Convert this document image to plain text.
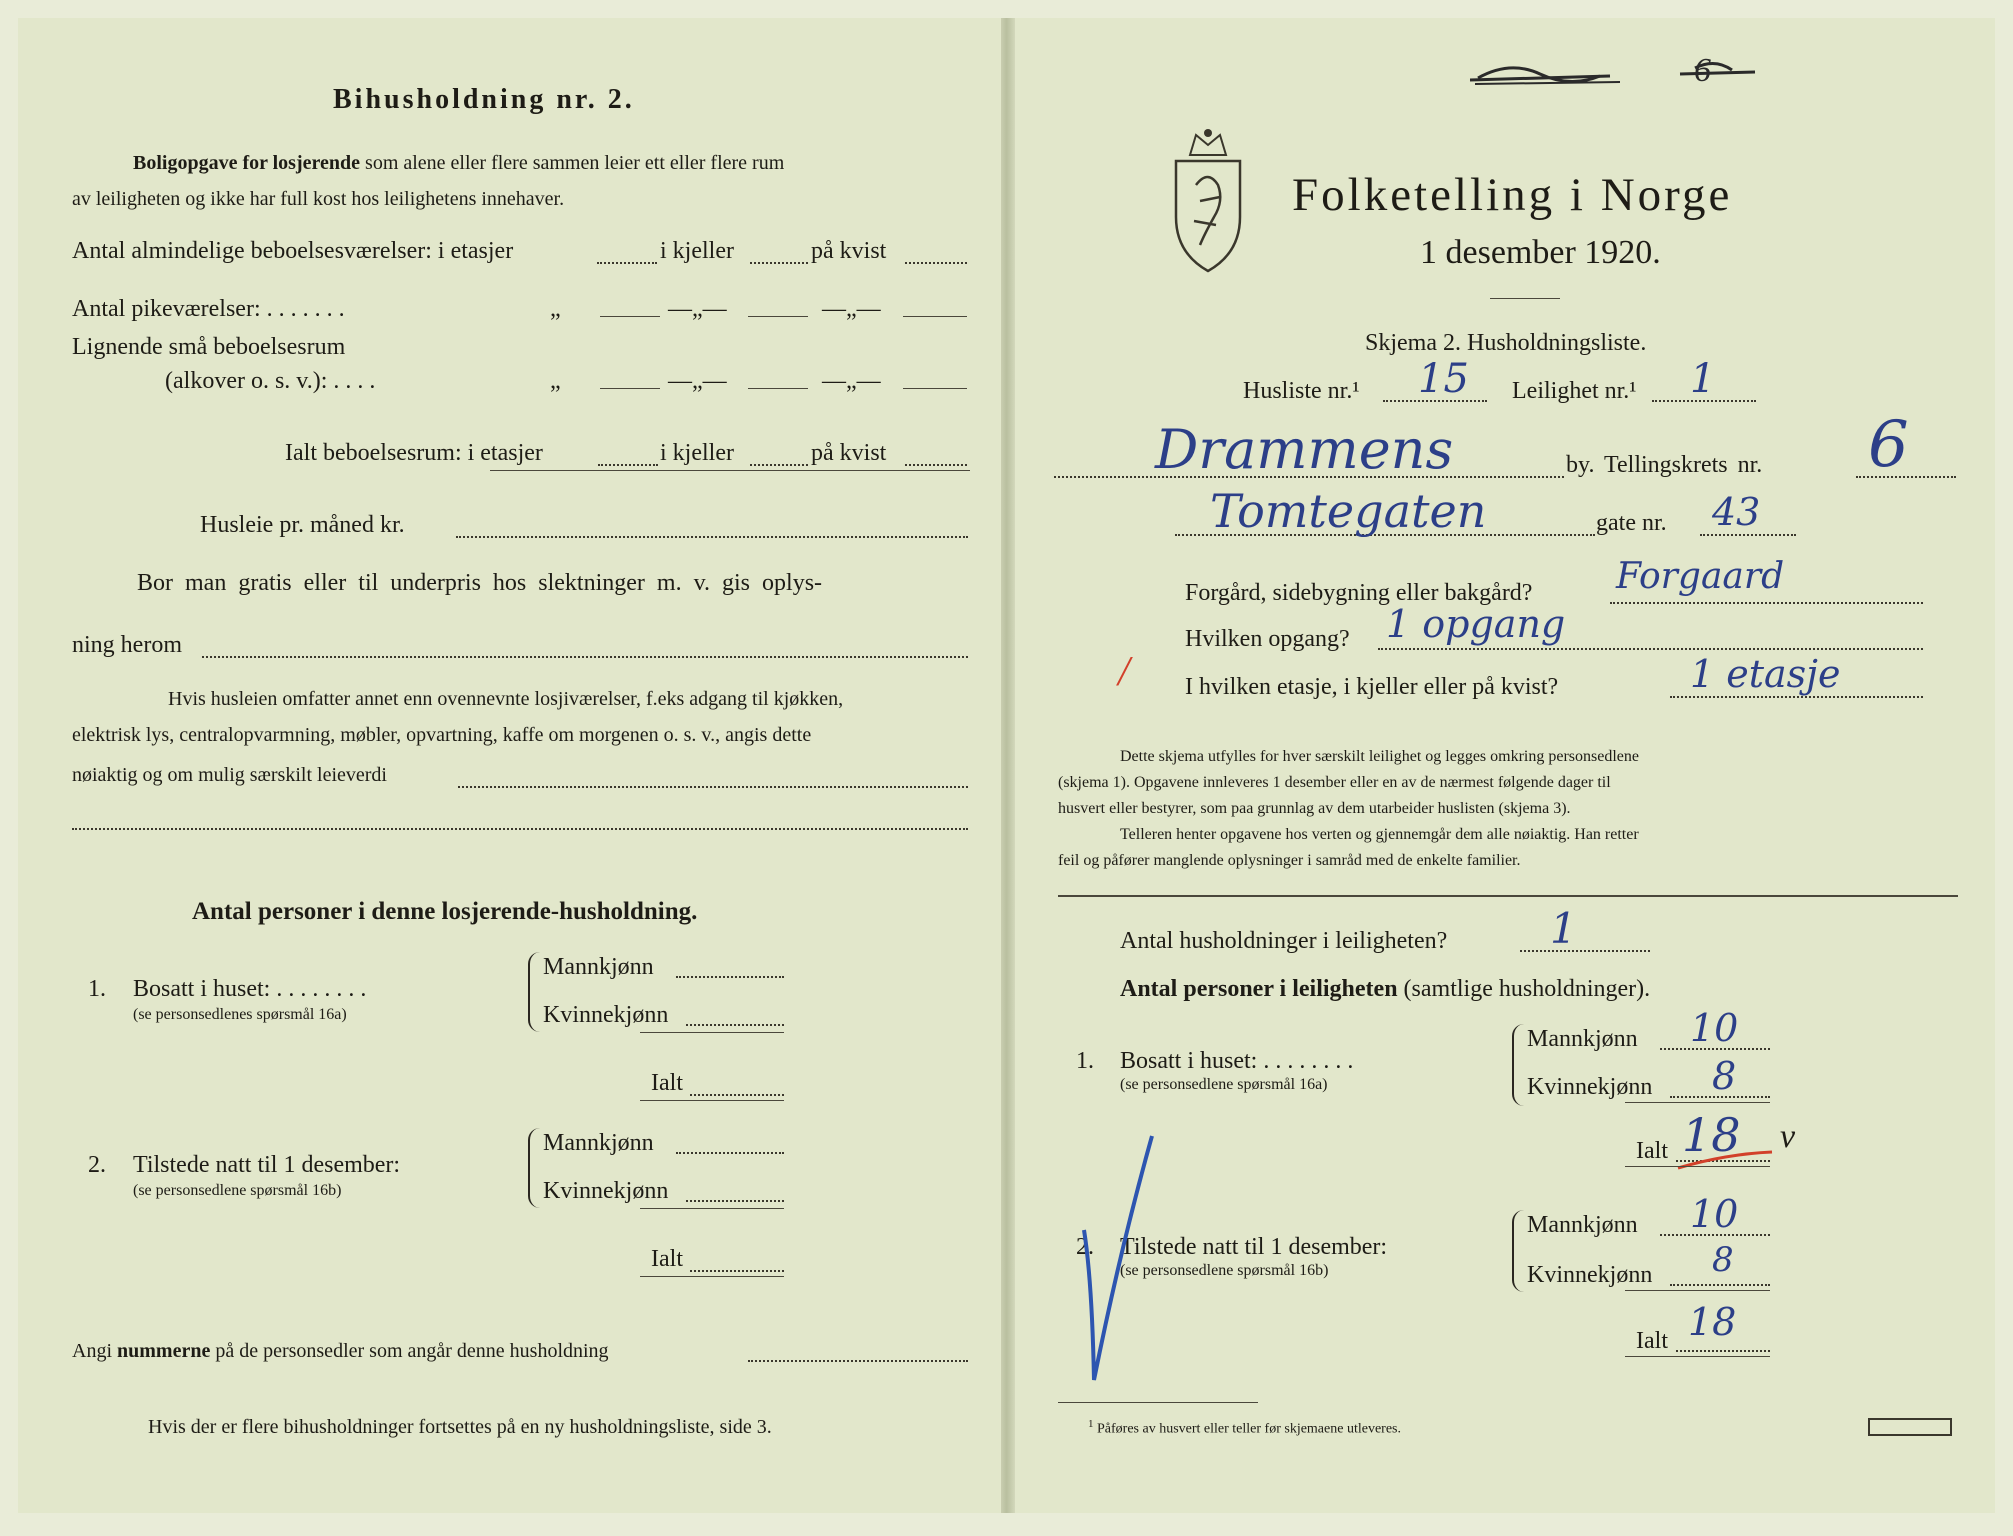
Bihusholdning nr. 2.
Boligopgave for losjerende som alene eller flere sammen leier ett eller flere rum
av leiligheten og ikke har full kost hos leilighetens innehaver.
Antal almindelige beboelsesværelser: i etasjer	i kjeller	på kvist
Antal pikeværelser: . . . . . . .	„	—„—	—„—
Lignende små beboelsesrum
(alkover o. s. v.): . . . .	„	—„—	—„—
Ialt beboelsesrum: i etasjer	i kjeller	på kvist
Husleie pr. måned kr.
Bor man gratis eller til underpris hos slektninger m. v. gis oplys-
ning herom
Hvis husleien omfatter annet enn ovennevnte losjiværelser, f.eks adgang til kjøkken,
elektrisk lys, centralopvarmning, møbler, opvartning, kaffe om morgenen o. s. v., angis dette
nøiaktig og om mulig særskilt leieverdi
Antal personer i denne losjerende-husholdning.
1. Bosatt i huset: . . . . . . . .
(se personsedlenes spørsmål 16a)
Mannkjønn
Kvinnekjønn
Ialt
2. Tilstede natt til 1 desember:
(se personsedlene spørsmål 16b)
Mannkjønn
Kvinnekjønn
Ialt
Angi nummerne på de personsedler som angår denne husholdning
Hvis der er flere bihusholdninger fortsettes på en ny husholdningsliste, side 3.
6
Folketelling i Norge
1 desember 1920.
Skjema 2. Husholdningsliste.
Husliste nr.¹ 15 Leilighet nr.¹ 1
Drammens	by. Tellingskrets nr. 6
Tomtegaten	gate nr. 43
Forgård, sidebygning eller bakgård? Forgaard
Hvilken opgang? 1 opgang
I hvilken etasje, i kjeller eller på kvist?	1 etasje
/
Dette skjema utfylles for hver særskilt leilighet og legges omkring personsedlene
(skjema 1). Opgavene innleveres 1 desember eller en av de nærmest følgende dager til
husvert eller bestyrer, som paa grunnlag av dem utarbeider huslisten (skjema 3).
Telleren henter opgavene hos verten og gjennemgår dem alle nøiaktig. Han retter
feil og påfører manglende oplysninger i samråd med de enkelte familier.
Antal husholdninger i leiligheten? 1
Antal personer i leiligheten (samtlige husholdninger).
1. Bosatt i huset: . . . . . . . .
(se personsedlene spørsmål 16a)
Mannkjønn 10
Kvinnekjønn 8
Ialt 18 v
2. Tilstede natt til 1 desember:
(se personsedlene spørsmål 16b)
Mannkjønn 10
Kvinnekjønn 8
Ialt 18
$^1$ Påføres av husvert eller teller før skjemaene utleveres.
